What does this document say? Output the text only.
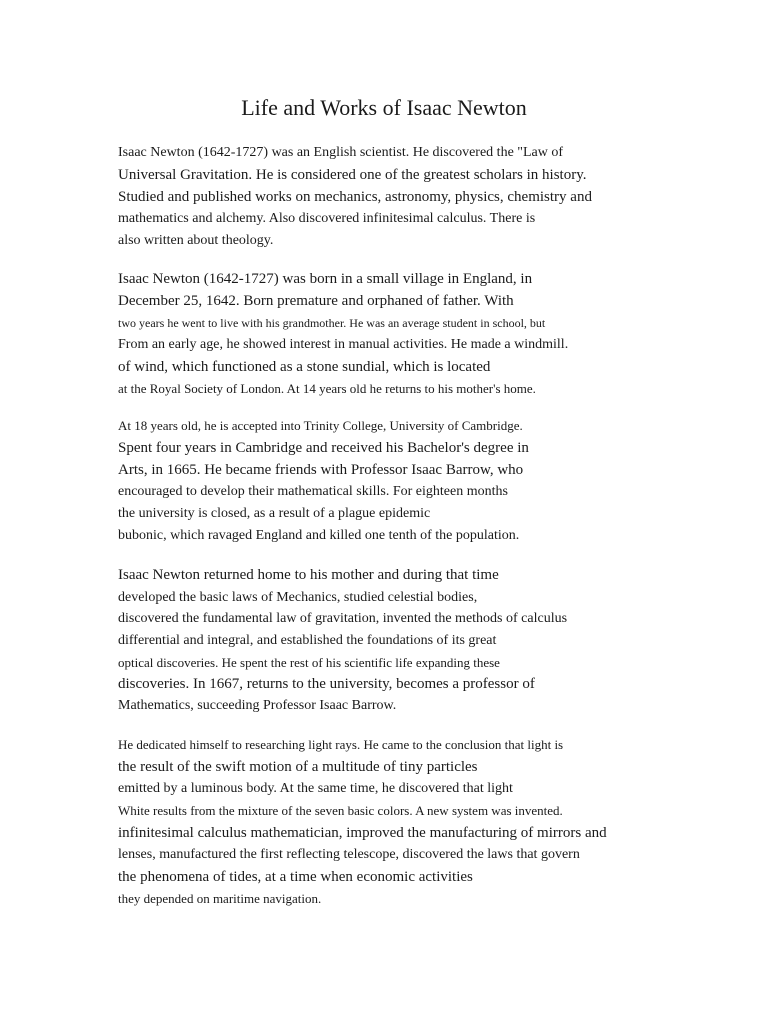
Life and Works of Isaac Newton

Isaac Newton (1642-1727) was an English scientist. He discovered the "Law of
Universal Gravitation. He is considered one of the greatest scholars in history.
Studied and published works on mechanics, astronomy, physics, chemistry and
mathematics and alchemy. Also discovered infinitesimal calculus. There is
also written about theology.

Isaac Newton (1642-1727) was born in a small village in England, in
December 25, 1642. Born premature and orphaned of father. With
two years he went to live with his grandmother. He was an average student in school, but
From an early age, he showed interest in manual activities. He made a windmill.
of wind, which functioned as a stone sundial, which is located
at the Royal Society of London. At 14 years old he returns to his mother's home.

At 18 years old, he is accepted into Trinity College, University of Cambridge.
Spent four years in Cambridge and received his Bachelor's degree in
Arts, in 1665. He became friends with Professor Isaac Barrow, who
encouraged to develop their mathematical skills. For eighteen months
the university is closed, as a result of a plague epidemic
bubonic, which ravaged England and killed one tenth of the population.

Isaac Newton returned home to his mother and during that time
developed the basic laws of Mechanics, studied celestial bodies,
discovered the fundamental law of gravitation, invented the methods of calculus
differential and integral, and established the foundations of its great
optical discoveries. He spent the rest of his scientific life expanding these
discoveries. In 1667, returns to the university, becomes a professor of
Mathematics, succeeding Professor Isaac Barrow.

He dedicated himself to researching light rays. He came to the conclusion that light is
the result of the swift motion of a multitude of tiny particles
emitted by a luminous body. At the same time, he discovered that light
White results from the mixture of the seven basic colors. A new system was invented.
infinitesimal calculus mathematician, improved the manufacturing of mirrors and
lenses, manufactured the first reflecting telescope, discovered the laws that govern
the phenomena of tides, at a time when economic activities
they depended on maritime navigation.
